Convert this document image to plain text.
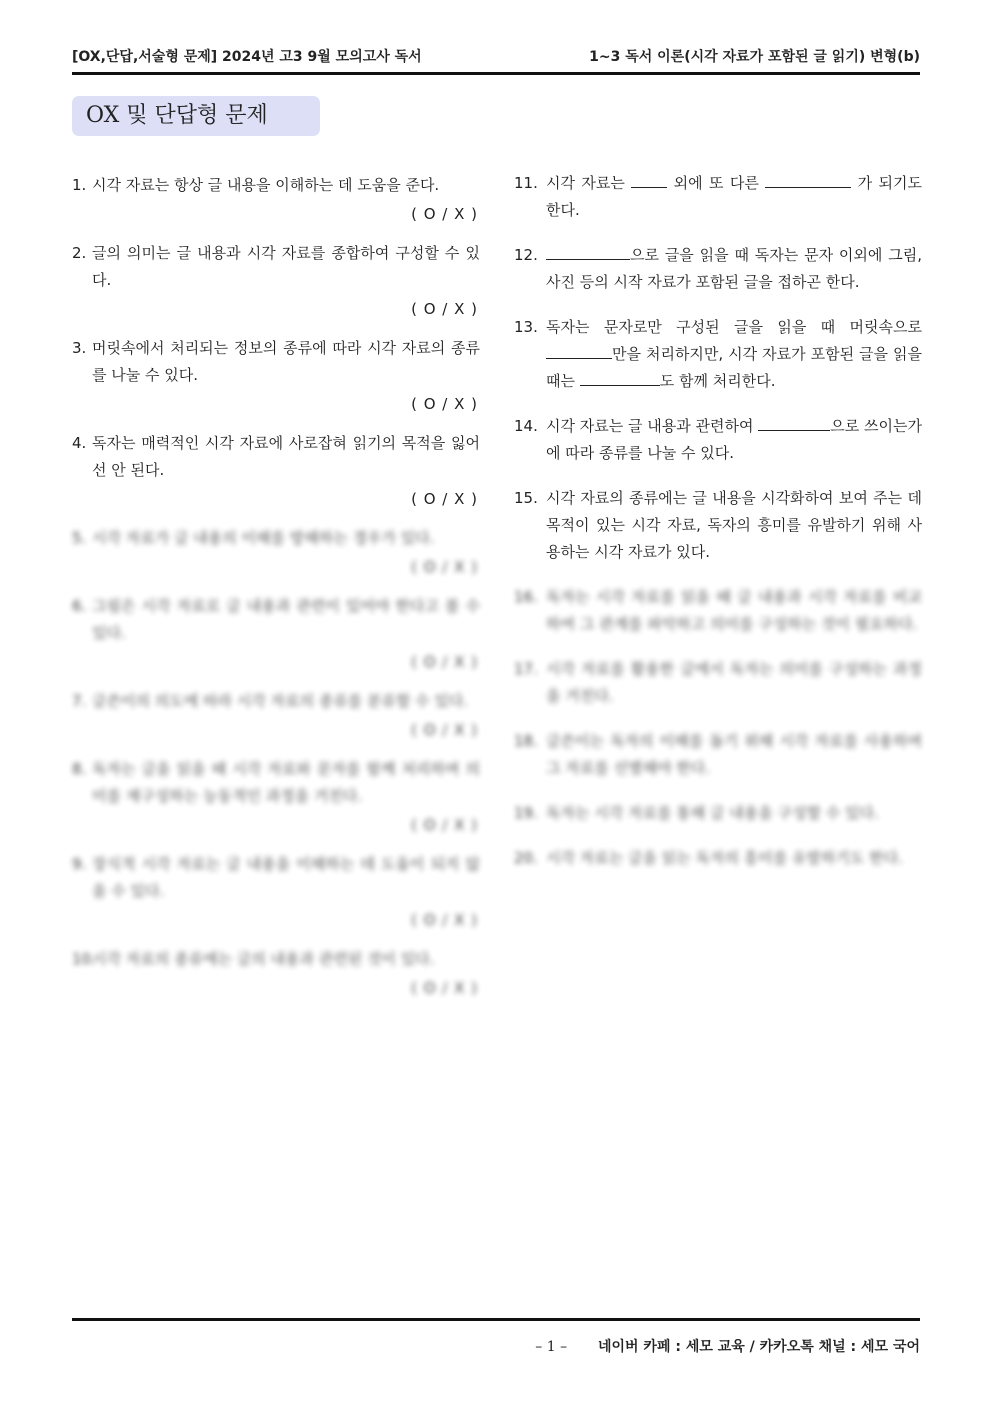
[OX,단답,서술형 문제] 2024년 고3 9월 모의고사 독서	1~3 독서 이론(시각 자료가 포함된 글 읽기) 변형(b)
OX 및 단답형 문제
1. 시각 자료는 항상 글 내용을 이해하는 데 도움을 준다.
( O / X )
2. 글의 의미는 글 내용과 시각 자료를 종합하여 구성할 수 있다.
( O / X )
3. 머릿속에서 처리되는 정보의 종류에 따라 시각 자료의 종류를 나눌 수 있다.
( O / X )
4. 독자는 매력적인 시각 자료에 사로잡혀 읽기의 목적을 잃어선 안 된다.
( O / X )
5. 시각 자료가 글 내용의 이해를 방해하는 경우가 있다.
( O / X )
6. 그림은 시각 자료로 글 내용과 관련이 있어야 한다고 볼 수 있다.
( O / X )
7. 글쓴이의 의도에 따라 시각 자료의 종류를 분류할 수 있다.
( O / X )
8. 독자는 글을 읽을 때 시각 자료와 문자를 함께 처리하며 의미를 재구성하는 능동적인 과정을 거친다.
( O / X )
9. 장식적 시각 자료는 글 내용을 이해하는 데 도움이 되지 않을 수 있다.
( O / X )
10.
시각 자료의 종류에는 글의 내용과 관련된 것이 있다.
( O / X )
11. 시각 자료는  외에 또 다른	가 되기도 한다.
12.	으로 글을 읽을 때 독자는 문자 이외에 그림, 사진 등의 시작 자료가 포함된 글을 접하곤 한다.
13. 독자는 문자로만 구성된 글을 읽을 때 머릿속으로 만을 처리하지만, 시각 자료가 포함된 글을 읽을 때는	도 함께 처리한다.
14. 시각 자료는 글 내용과 관련하여	으로 쓰이는가에 따라 종류를 나눌 수 있다.
15. 시각 자료의 종류에는 글 내용을 시각화하여 보여 주는 데 목적이 있는 시각 자료, 독자의 흥미를 유발하기 위해 사용하는 시각 자료가 있다.
16. 독자는 시각 자료를 읽을 때 글 내용과 시각 자료를 비교하여 그 관계를 파악하고 의미를 구성하는 것이 필요하다.
17. 시각 자료를 활용한 글에서 독자는 의미를 구성하는 과정을 거친다.
18. 글쓴이는 독자의 이해를 돕기 위해 시각 자료를 사용하며 그 자료를 선별해야 한다.
19. 독자는 시각 자료를 통해 글 내용을 구성할 수 있다.
20. 시각 자료는 글을 읽는 독자의 흥미를 유발하기도 한다.
– 1 – 네이버 카페 : 세모 교육 / 카카오톡 채널 : 세모 국어
